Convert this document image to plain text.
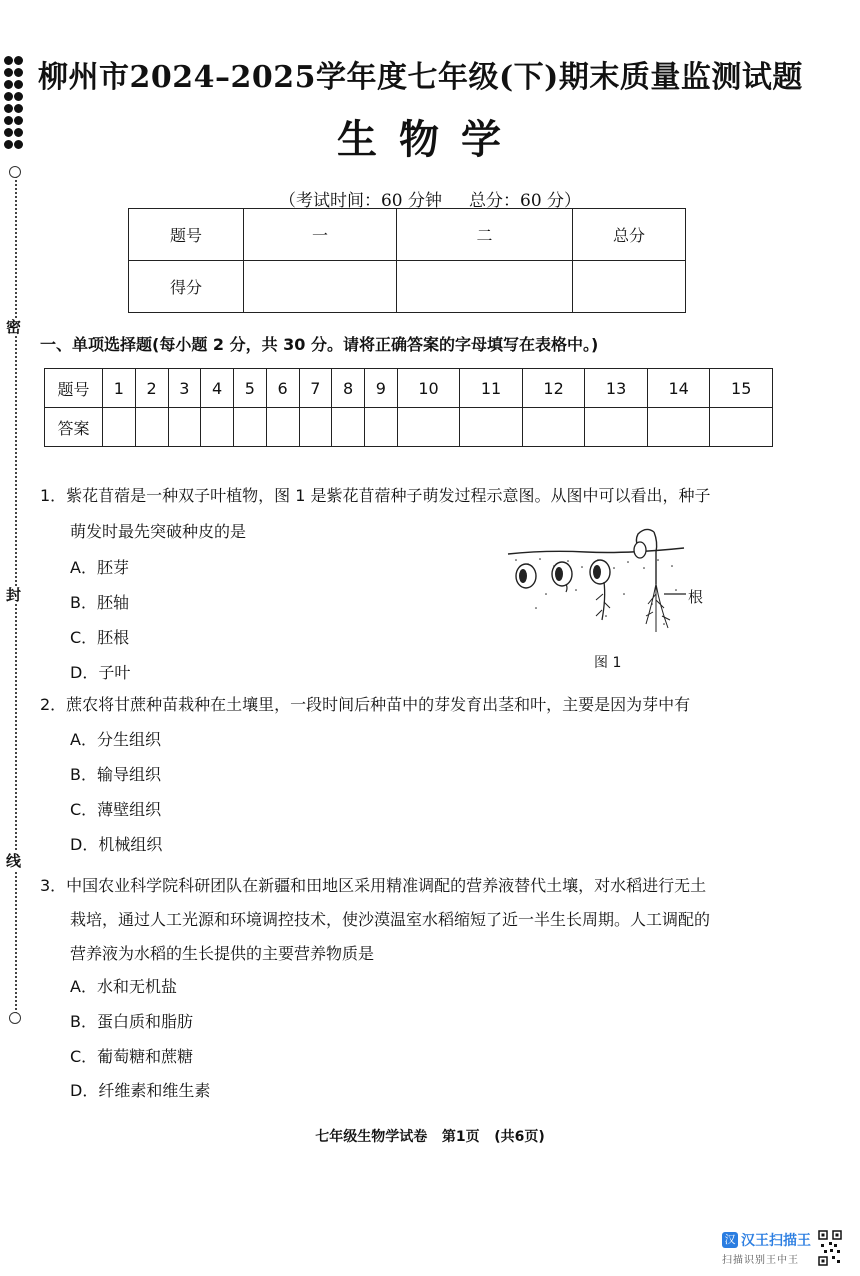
密
封
线
柳州市2024–2025学年度七年级(下)期末质量监测试题
生物学
（考试时间：60 分钟     总分：60 分）
题号	一	二	总分
得分			
一、单项选择题(每小题 2 分，共 30 分。请将正确答案的字母填写在表格中。)
题号	1	2	3	4	5	6	7	8	9	10	11	12	13	14	15
答案															
1．紫花苜蓿是一种双子叶植物，图 1 是紫花苜蓿种子萌发过程示意图。从图中可以看出，种子
萌发时最先突破种皮的是
A．胚芽
B．胚轴
C．胚根
D．子叶
根
图 1
2．蔗农将甘蔗种苗栽种在土壤里，一段时间后种苗中的芽发育出茎和叶，主要是因为芽中有
A．分生组织
B．输导组织
C．薄壁组织
D．机械组织
3．中国农业科学院科研团队在新疆和田地区采用精准调配的营养液替代土壤，对水稻进行无土
栽培，通过人工光源和环境调控技术，使沙漠温室水稻缩短了近一半生长周期。人工调配的
营养液为水稻的生长提供的主要营养物质是
A．水和无机盐
B．蛋白质和脂肪
C．葡萄糖和蔗糖
D．纤维素和维生素
七年级生物学试卷   第1页   (共6页)
汉 汉王扫描王
扫描识别王中王
